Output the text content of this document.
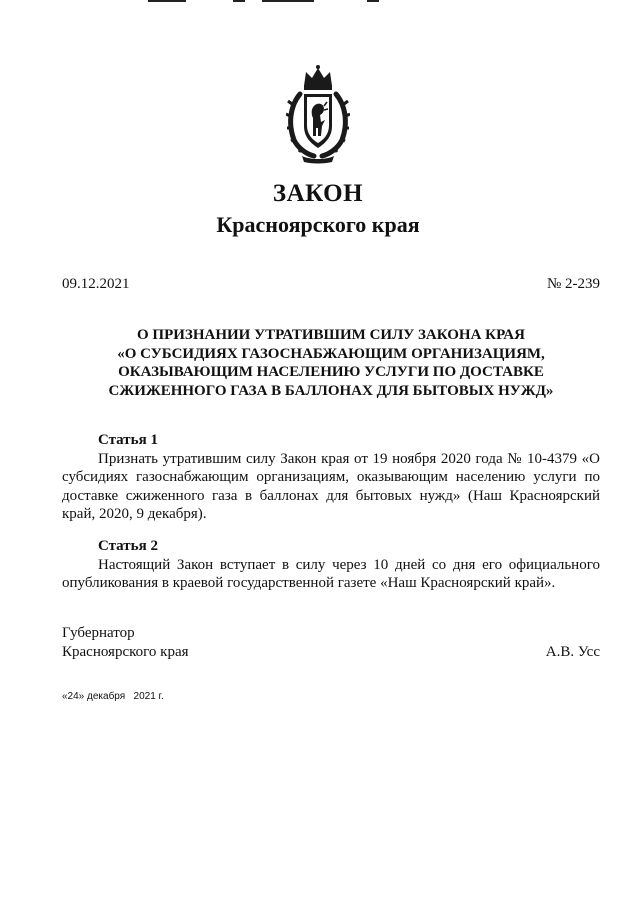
ЗАКОН
Красноярского края
09.12.2021	№ 2-239
О ПРИЗНАНИИ УТРАТИВШИМ СИЛУ ЗАКОНА КРАЯ
«О СУБСИДИЯХ ГАЗОСНАБЖАЮЩИМ ОРГАНИЗАЦИЯМ,
ОКАЗЫВАЮЩИМ НАСЕЛЕНИЮ УСЛУГИ ПО ДОСТАВКЕ
СЖИЖЕННОГО ГАЗА В БАЛЛОНАХ ДЛЯ БЫТОВЫХ НУЖД»

Статья 1

Признать утратившим силу Закон края от 19 ноября 2020 года № 10-4379 «О субсидиях газоснабжающим организациям, оказывающим населению услуги по доставке сжиженного газа в баллонах для бытовых нужд» (Наш Красноярский край, 2020, 9 декабря).

Статья 2

Настоящий Закон вступает в силу через 10 дней со дня его официального опубликования в краевой государственной газете «Наш Красноярский край».

Губернатор
Красноярского края	А.В. Усс
«24» декабря   2021 г.
